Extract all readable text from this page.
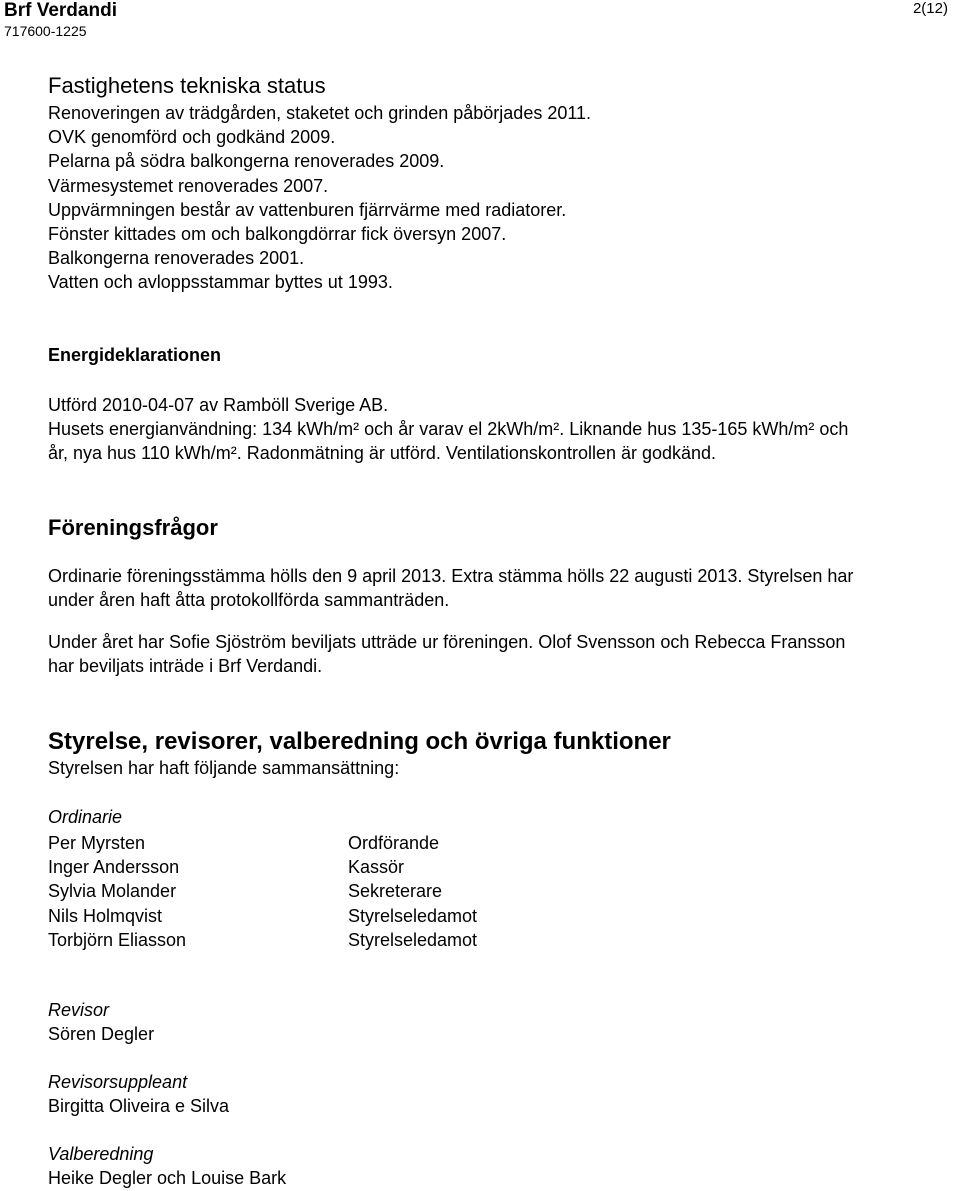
Brf Verdandi
717600-1225
2(12)
Fastighetens tekniska status
Renoveringen av trädgården, staketet och grinden påbörjades 2011.
OVK genomförd och godkänd 2009.
Pelarna på södra balkongerna renoverades 2009.
Värmesystemet renoverades 2007.
Uppvärmningen består av vattenburen fjärrvärme med radiatorer.
Fönster kittades om och balkongdörrar fick översyn 2007.
Balkongerna renoverades 2001.
Vatten och avloppsstammar byttes ut 1993.
Energideklarationen
Utförd 2010-04-07 av Ramböll Sverige AB.
Husets energianvändning: 134 kWh/m² och år varav el 2kWh/m². Liknande hus 135-165 kWh/m² och
år, nya hus 110 kWh/m². Radonmätning är utförd. Ventilationskontrollen är godkänd.
Föreningsfrågor
Ordinarie föreningsstämma hölls den 9 april 2013. Extra stämma hölls 22 augusti 2013. Styrelsen har
under åren haft åtta protokollförda sammanträden.
Under året har Sofie Sjöström beviljats utträde ur föreningen. Olof Svensson och Rebecca Fransson
har beviljats inträde i Brf Verdandi.
Styrelse, revisorer, valberedning och övriga funktioner
Styrelsen har haft följande sammansättning:
Ordinarie
Per Myrsten
Inger Andersson
Sylvia Molander
Nils Holmqvist
Torbjörn Eliasson
Ordförande
Kassör
Sekreterare
Styrelseledamot
Styrelseledamot
Revisor
Sören Degler
Revisorsuppleant
Birgitta Oliveira e Silva
Valberedning
Heike Degler och Louise Bark
